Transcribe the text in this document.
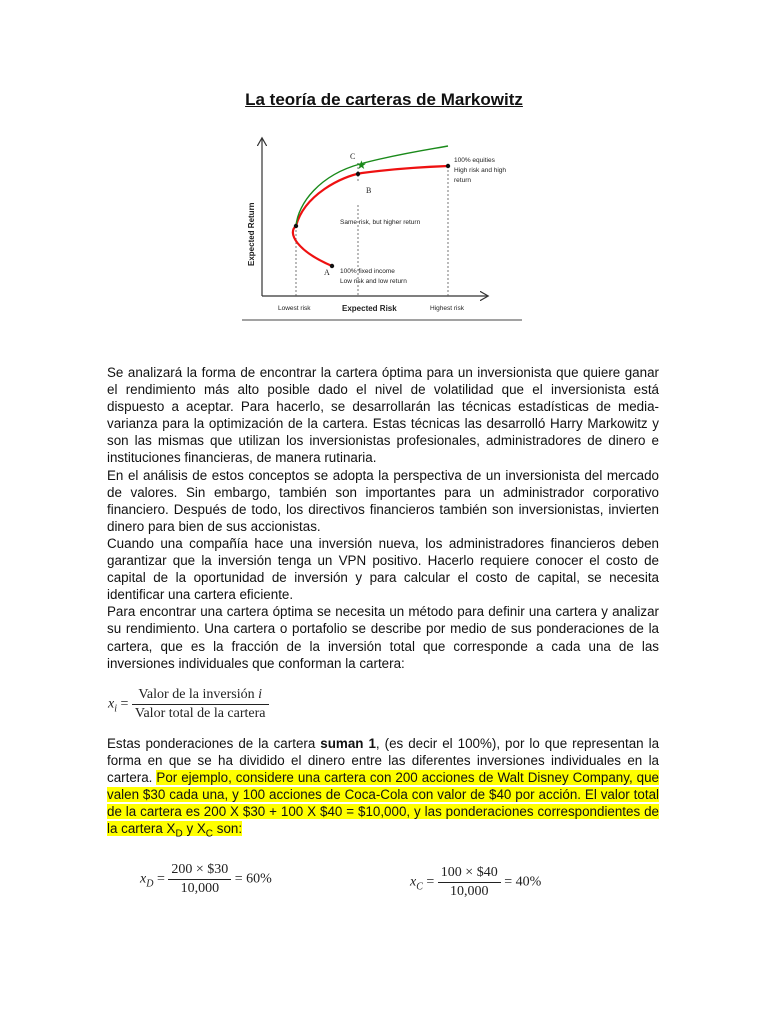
La teoría de carteras de Markowitz
★
Expected Return
Expected Risk
Lowest risk	Highest risk
A
B
C
100% fixed income
Low risk and low return
Same risk, but higher return
100% equities
High risk and high
return

Se analizará la forma de encontrar la cartera óptima para un inversionista que quiere ganar el rendimiento más alto posible dado el nivel de volatilidad que el inversionista está dispuesto a aceptar. Para hacerlo, se desarrollarán las técnicas estadísticas de media-varianza para la optimización de la cartera. Estas técnicas las desarrolló Harry Markowitz y son las mismas que utilizan los inversionistas profesionales, administradores de dinero e instituciones financieras, de manera rutinaria.

En el análisis de estos conceptos se adopta la perspectiva de un inversionista del mercado de valores. Sin embargo, también son importantes para un administrador corporativo financiero. Después de todo, los directivos financieros también son inversionistas, invierten dinero para bien de sus accionistas.

Cuando una compañía hace una inversión nueva, los administradores financieros deben garantizar que la inversión tenga un VPN positivo. Hacerlo requiere conocer el costo de capital de la oportunidad de inversión y para calcular el costo de capital, se necesita identificar una cartera eficiente.

Para encontrar una cartera óptima se necesita un método para definir una cartera y analizar su rendimiento. Una cartera o portafolio se describe por medio de sus ponderaciones de la cartera, que es la fracción de la inversión total que corresponde a cada una de las inversiones individuales que conforman la cartera:

$x_i = \frac{\text{Valor de la inversión i}}{\text{Valor total de la cartera}}$

Estas ponderaciones de la cartera suman 1, (es decir el 100%), por lo que representan la forma en que se ha dividido el dinero entre las diferentes inversiones individuales en la cartera. Por ejemplo, considere una cartera con 200 acciones de Walt Disney Company, que valen $30 cada una, y 100 acciones de Coca-Cola con valor de $40 por acción. El valor total de la cartera es 200 X $30 + 100 X $40 = $10,000, y las ponderaciones correspondientes de la cartera $X_D$ y $X_C$ son:

$x_D = \frac{200 \times \$30}{10,000} = 60\%$	$x_C = \frac{100 \times \$40}{10,000} = 40\%$
